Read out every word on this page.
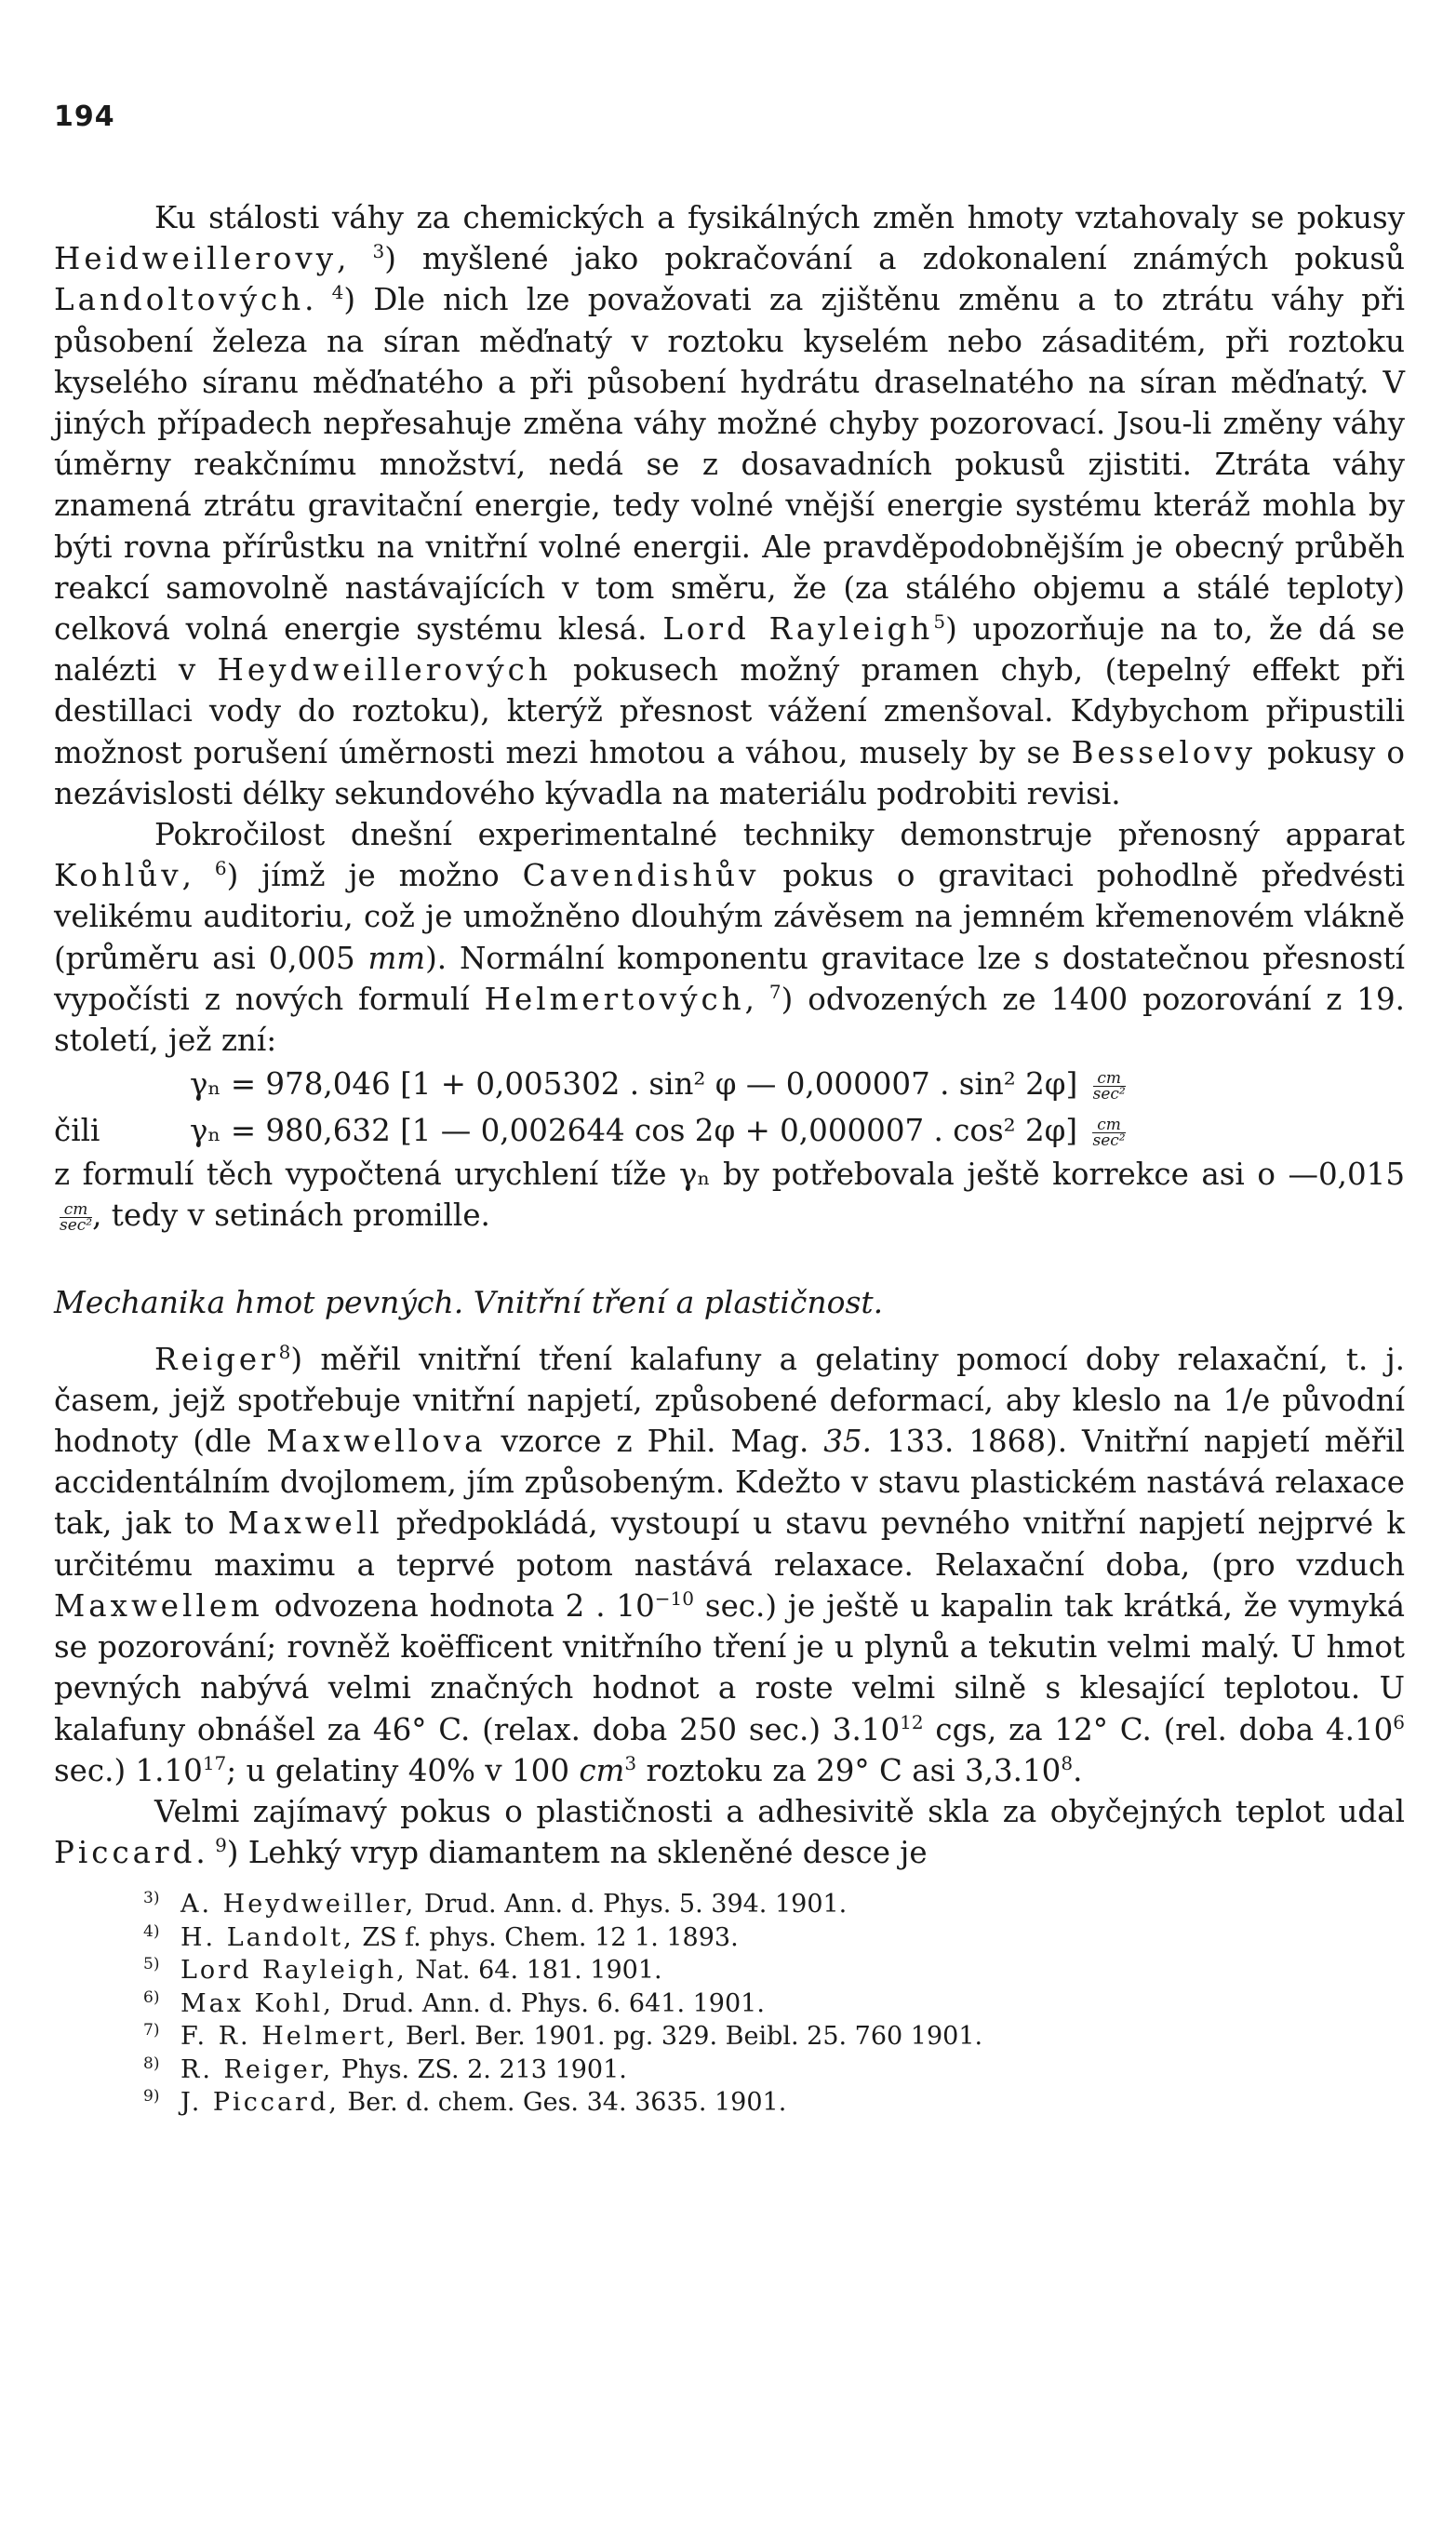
194

Ku stálosti váhy za chemických a fysikálných změn hmoty vztahovaly se pokusy Heidweillerovy, $^3$) myšlené jako pokračování a zdokonalení známých pokusů Landoltových. $^4$) Dle nich lze považovati za zjištěnu změnu a to ztrátu váhy při působení železa na síran měďnatý v roztoku kyselém nebo zásaditém, při roztoku kyselého síranu měďnatého a při působení hydrátu draselnatého na síran měďnatý. V jiných případech nepřesahuje změna váhy možné chyby pozorovací. Jsou-li změny váhy úměrny reakčnímu množství, nedá se z dosavadních pokusů zjistiti. Ztráta váhy znamená ztrátu gravitační energie, tedy volné vnější energie systému kteráž mohla by býti rovna přírůstku na vnitřní volné energii. Ale pravděpodobnějším je obecný průběh reakcí samovolně nastávajících v tom směru, že (za stálého objemu a stálé teploty) celková volná energie systému klesá. Lord Rayleigh$^5$) upozorňuje na to, že dá se nalézti v Heydweillerových pokusech možný pramen chyb, (tepelný effekt při destillaci vody do roztoku), kterýž přesnost vážení zmenšoval. Kdybychom připustili možnost porušení úměrnosti mezi hmotou a váhou, musely by se Besselovy pokusy o nezávislosti délky sekundového kývadla na materiálu podrobiti revisi.

Pokročilost dnešní experimentalné techniky demonstruje přenosný apparat Kohlův, $^6$) jímž je možno Cavendishův pokus o gravitaci pohodlně předvésti velikému auditoriu, což je umožněno dlouhým závěsem na jemném křemenovém vlákně (průměru asi 0,005 mm). Normální komponentu gravitace lze s dostatečnou přesností vypočísti z nových formulí Helmertových, $^7$) odvozených ze 1400 pozorování z 19. století, jež zní:

γₙ = 978,046 [1 + 0,005302 . sin² φ — 0,000007 . sin² $2\varphi] \frac{cm}{\text{sec²}}$
čili	γₙ = 980,632 [1 — 0,002644 cos 2φ + 0,000007 . cos² $2\varphi] \frac{cm}{\text{sec²}}$

z formulí těch vypočtená urychlení tíže γₙ by potřebovala ještě korrekce asi o —0,015
$\frac{cm}{\text{sec²}}$ , tedy v setinách promille.

Mechanika hmot pevných. Vnitřní tření a plastičnost.

Reiger$^8$) měřil vnitřní tření kalafuny a gelatiny pomocí doby relaxační, t. j. časem, jejž spotřebuje vnitřní napjetí, způsobené deformací, aby kleslo na 1/e původní hodnoty (dle Maxwellova vzorce z Phil. Mag. 35. 133. 1868). Vnitřní napjetí měřil accidentálním dvojlomem, jím způsobeným. Kdežto v stavu plastickém nastává relaxace tak, jak to Maxwell předpokládá, vystoupí u stavu pevného vnitřní napjetí nejprvé k určitému maximu a teprvé potom nastává relaxace. Relaxační doba, (pro vzduch Maxwellem odvozena hodnota 2 . $10^{-10}$ sec.) je ještě u kapalin tak krátká, že vymyká se pozorování; rovněž koëfficent vnitřního tření je u plynů a tekutin velmi malý. U hmot pevných nabývá velmi značných hodnot a roste velmi silně s klesající teplotou. U kalafuny obnášel za 46° C. (relax. doba 250 sec.) 3.10$^{12}$ cgs, za 12° C. (rel. doba 4.10$^6$ sec.) 1.10$^{17}$; u gelatiny 40% v 100 $cm^3$ roztoku za 29° C asi 3,3.10$^8$.

Velmi zajímavý pokus o plastičnosti a adhesivitě skla za obyčejných teplot udal Piccard. $^9$) Lehký vryp diamantem na skleněné desce je

3) A. Heydweiller, Drud. Ann. d. Phys. 5. 394. 1901.
4) H. Landolt, ZS f. phys. Chem. 12 1. 1893.
5) Lord Rayleigh, Nat. 64. 181. 1901.
6) Max Kohl, Drud. Ann. d. Phys. 6. 641. 1901.
7) F. R. Helmert, Berl. Ber. 1901. pg. 329. Beibl. 25. 760 1901.
8) R. Reiger, Phys. ZS. 2. 213 1901.
9) J. Piccard, Ber. d. chem. Ges. 34. 3635. 1901.
